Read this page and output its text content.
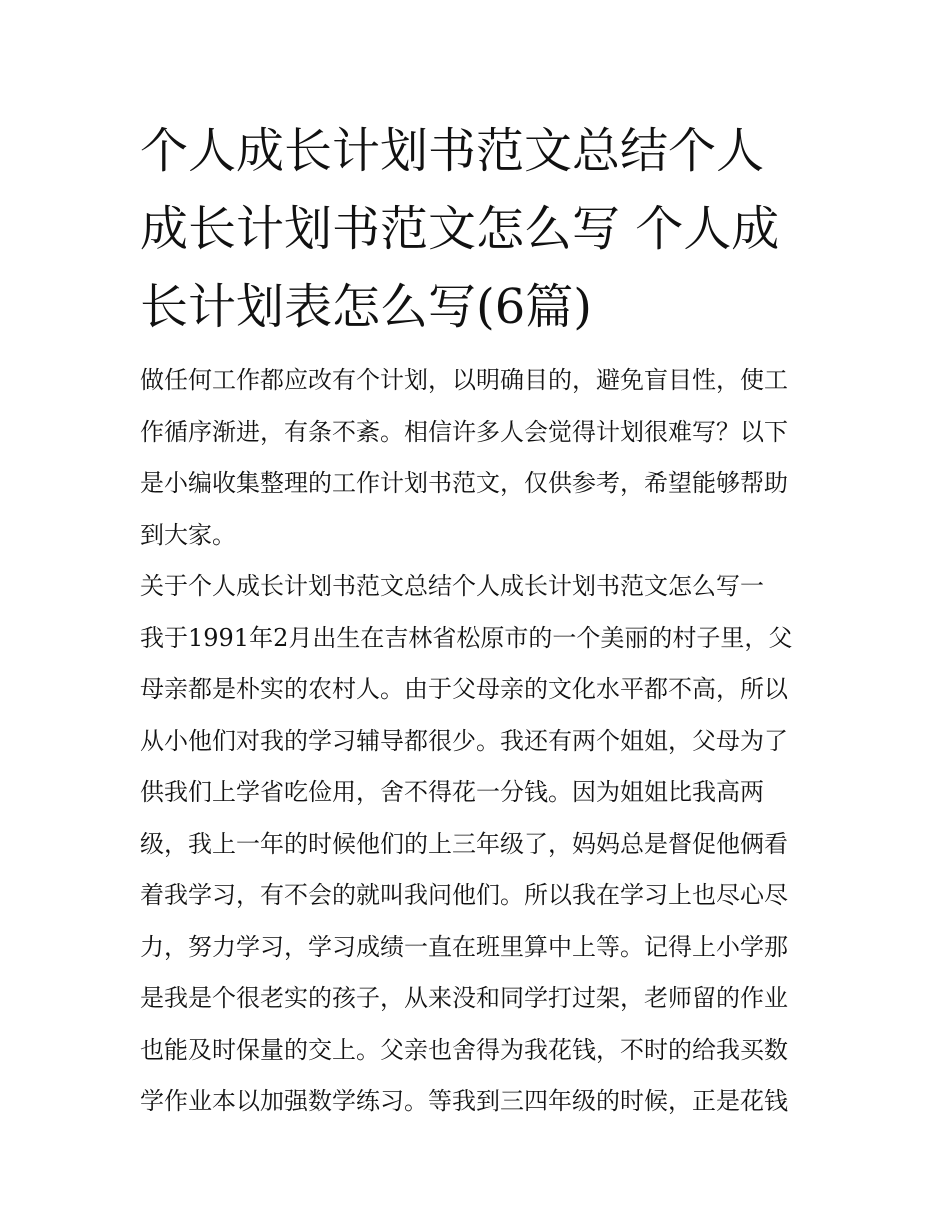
个人成长计划书范文总结个人
成长计划书范文怎么写 个人成
长计划表怎么写(6篇)
做任何工作都应改有个计划，以明确目的，避免盲目性，使工
作循序渐进，有条不紊。相信许多人会觉得计划很难写？以下
是小编收集整理的工作计划书范文，仅供参考，希望能够帮助
到大家。
关于个人成长计划书范文总结个人成长计划书范文怎么写一
我于1991年2月出生在吉林省松原市的一个美丽的村子里，父
母亲都是朴实的农村人。由于父母亲的文化水平都不高，所以
从小他们对我的学习辅导都很少。我还有两个姐姐，父母为了
供我们上学省吃俭用，舍不得花一分钱。因为姐姐比我高两
级，我上一年的时候他们的上三年级了，妈妈总是督促他俩看
着我学习，有不会的就叫我问他们。所以我在学习上也尽心尽
力，努力学习，学习成绩一直在班里算中上等。记得上小学那
是我是个很老实的孩子，从来没和同学打过架，老师留的作业
也能及时保量的交上。父亲也舍得为我花钱，不时的给我买数
学作业本以加强数学练习。等我到三四年级的时候，正是花钱
